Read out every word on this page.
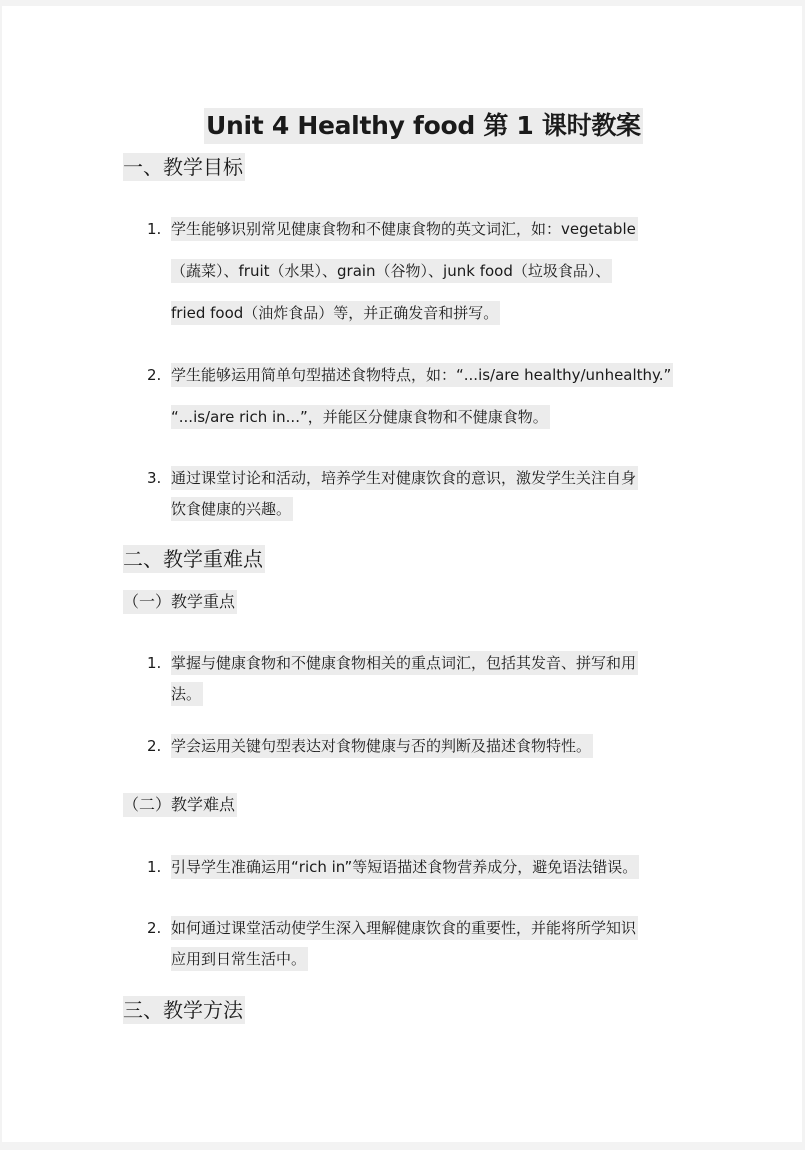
Unit 4 Healthy food 第 1 课时教案
一、教学目标
1. 学生能够识别常见健康食物和不健康食物的英文词汇，如：vegetable
（蔬菜）、fruit（水果）、grain（谷物）、junk food（垃圾食品）、
fried food（油炸食品）等，并正确发音和拼写。
2. 学生能够运用简单句型描述食物特点，如：“...is/are healthy/unhealthy.”
“...is/are rich in...”，并能区分健康食物和不健康食物。
3. 通过课堂讨论和活动，培养学生对健康饮食的意识，激发学生关注自身
饮食健康的兴趣。
二、教学重难点
（一）教学重点
1. 掌握与健康食物和不健康食物相关的重点词汇，包括其发音、拼写和用
法。
2. 学会运用关键句型表达对食物健康与否的判断及描述食物特性。
（二）教学难点
1. 引导学生准确运用“rich in”等短语描述食物营养成分，避免语法错误。
2. 如何通过课堂活动使学生深入理解健康饮食的重要性，并能将所学知识
应用到日常生活中。
三、教学方法
